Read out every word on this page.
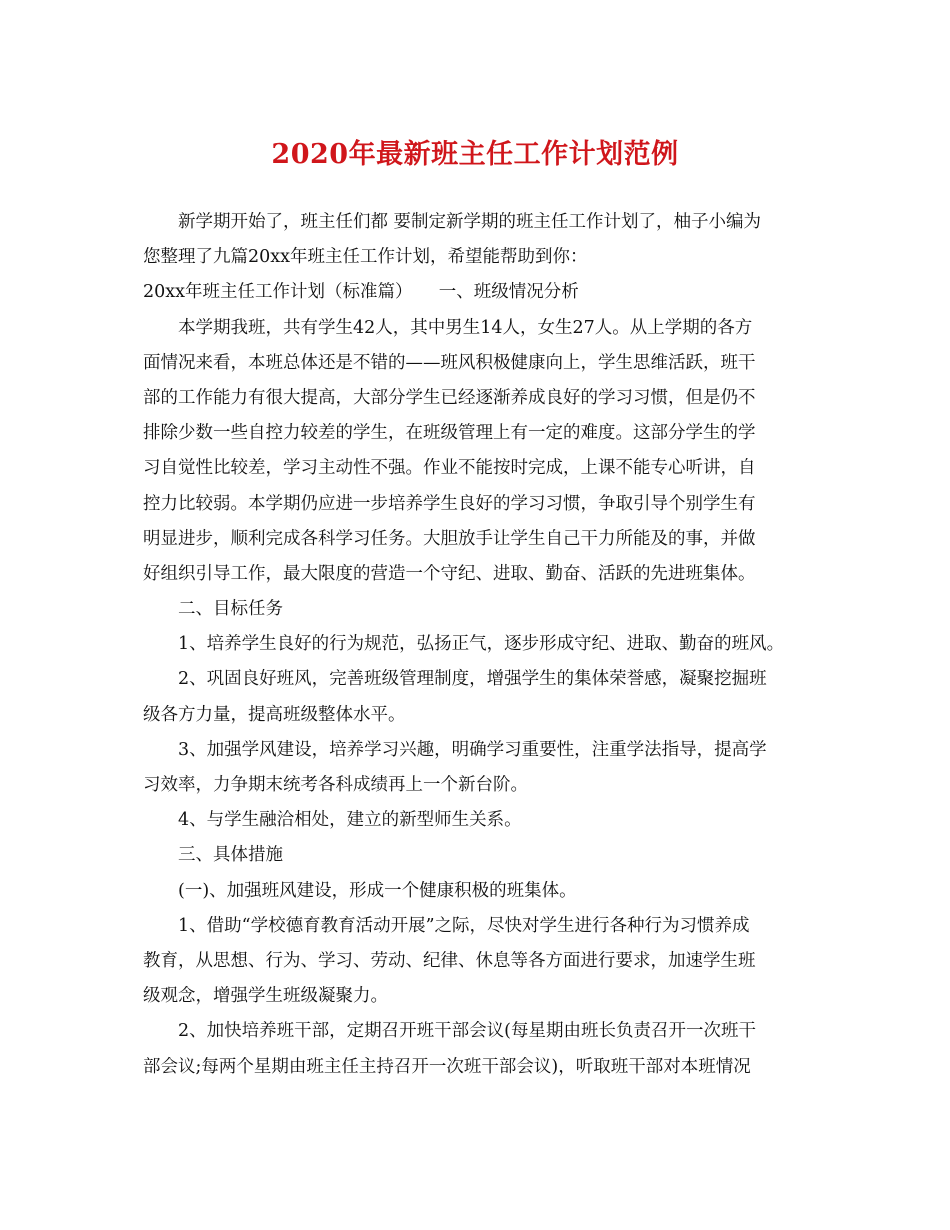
2020年最新班主任工作计划范例
新学期开始了，班主任们都 要制定新学期的班主任工作计划了，柚子小编为
您整理了九篇20xx年班主任工作计划，希望能帮助到你：
20xx年班主任工作计划（标准篇）　　一、班级情况分析
本学期我班，共有学生42人，其中男生14人，女生27人。从上学期的各方
面情况来看，本班总体还是不错的——班风积极健康向上，学生思维活跃，班干
部的工作能力有很大提高，大部分学生已经逐渐养成良好的学习习惯，但是仍不
排除少数一些自控力较差的学生，在班级管理上有一定的难度。这部分学生的学
习自觉性比较差，学习主动性不强。作业不能按时完成，上课不能专心听讲，自
控力比较弱。本学期仍应进一步培养学生良好的学习习惯，争取引导个别学生有
明显进步，顺利完成各科学习任务。大胆放手让学生自己干力所能及的事，并做
好组织引导工作，最大限度的营造一个守纪、进取、勤奋、活跃的先进班集体。
二、目标任务
1、培养学生良好的行为规范，弘扬正气，逐步形成守纪、进取、勤奋的班风。
2、巩固良好班风，完善班级管理制度，增强学生的集体荣誉感，凝聚挖掘班
级各方力量，提高班级整体水平。
3、加强学风建设，培养学习兴趣，明确学习重要性，注重学法指导，提高学
习效率，力争期末统考各科成绩再上一个新台阶。
4、与学生融洽相处，建立的新型师生关系。
三、具体措施
(一)、加强班风建设，形成一个健康积极的班集体。
1、借助“学校德育教育活动开展”之际，尽快对学生进行各种行为习惯养成
教育，从思想、行为、学习、劳动、纪律、休息等各方面进行要求，加速学生班
级观念，增强学生班级凝聚力。
2、加快培养班干部，定期召开班干部会议(每星期由班长负责召开一次班干
部会议;每两个星期由班主任主持召开一次班干部会议)，听取班干部对本班情况
